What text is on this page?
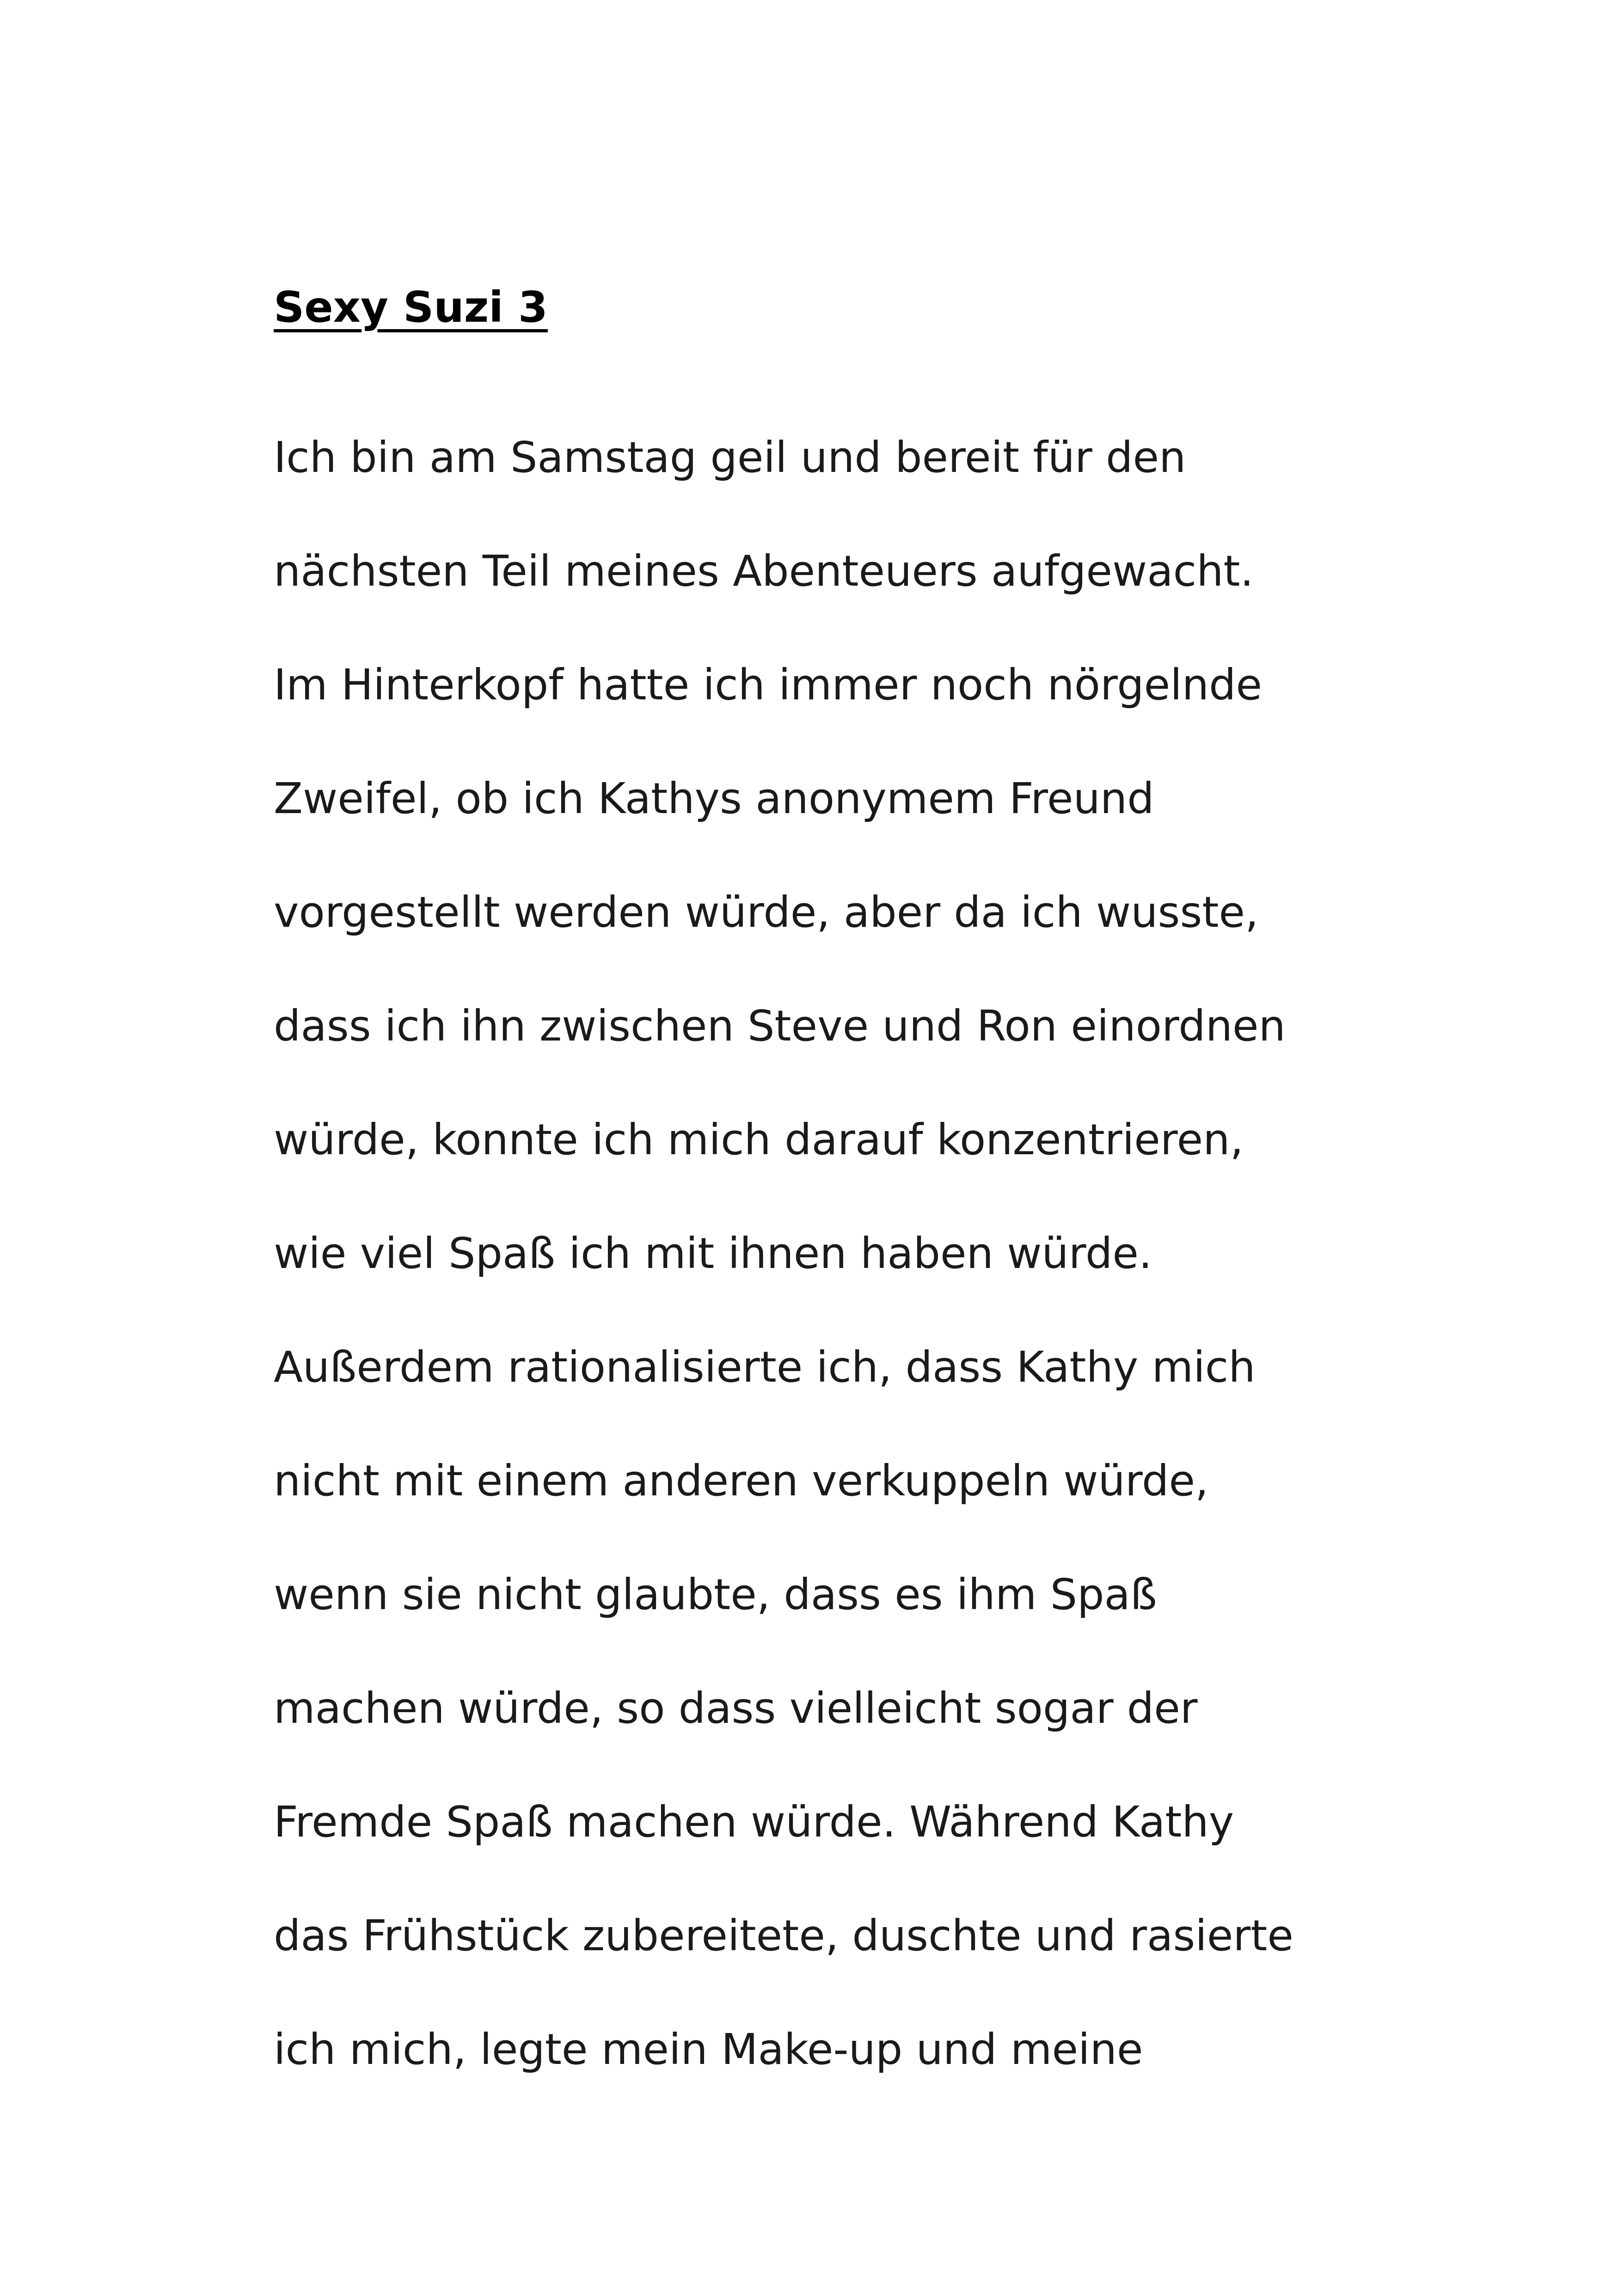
Sexy Suzi 3
Ich bin am Samstag geil und bereit für den
nächsten Teil meines Abenteuers aufgewacht.
Im Hinterkopf hatte ich immer noch nörgelnde
Zweifel, ob ich Kathys anonymem Freund
vorgestellt werden würde, aber da ich wusste,
dass ich ihn zwischen Steve und Ron einordnen
würde, konnte ich mich darauf konzentrieren,
wie viel Spaß ich mit ihnen haben würde.
Außerdem rationalisierte ich, dass Kathy mich
nicht mit einem anderen verkuppeln würde,
wenn sie nicht glaubte, dass es ihm Spaß
machen würde, so dass vielleicht sogar der
Fremde Spaß machen würde. Während Kathy
das Frühstück zubereitete, duschte und rasierte
ich mich, legte mein Make-up und meine
